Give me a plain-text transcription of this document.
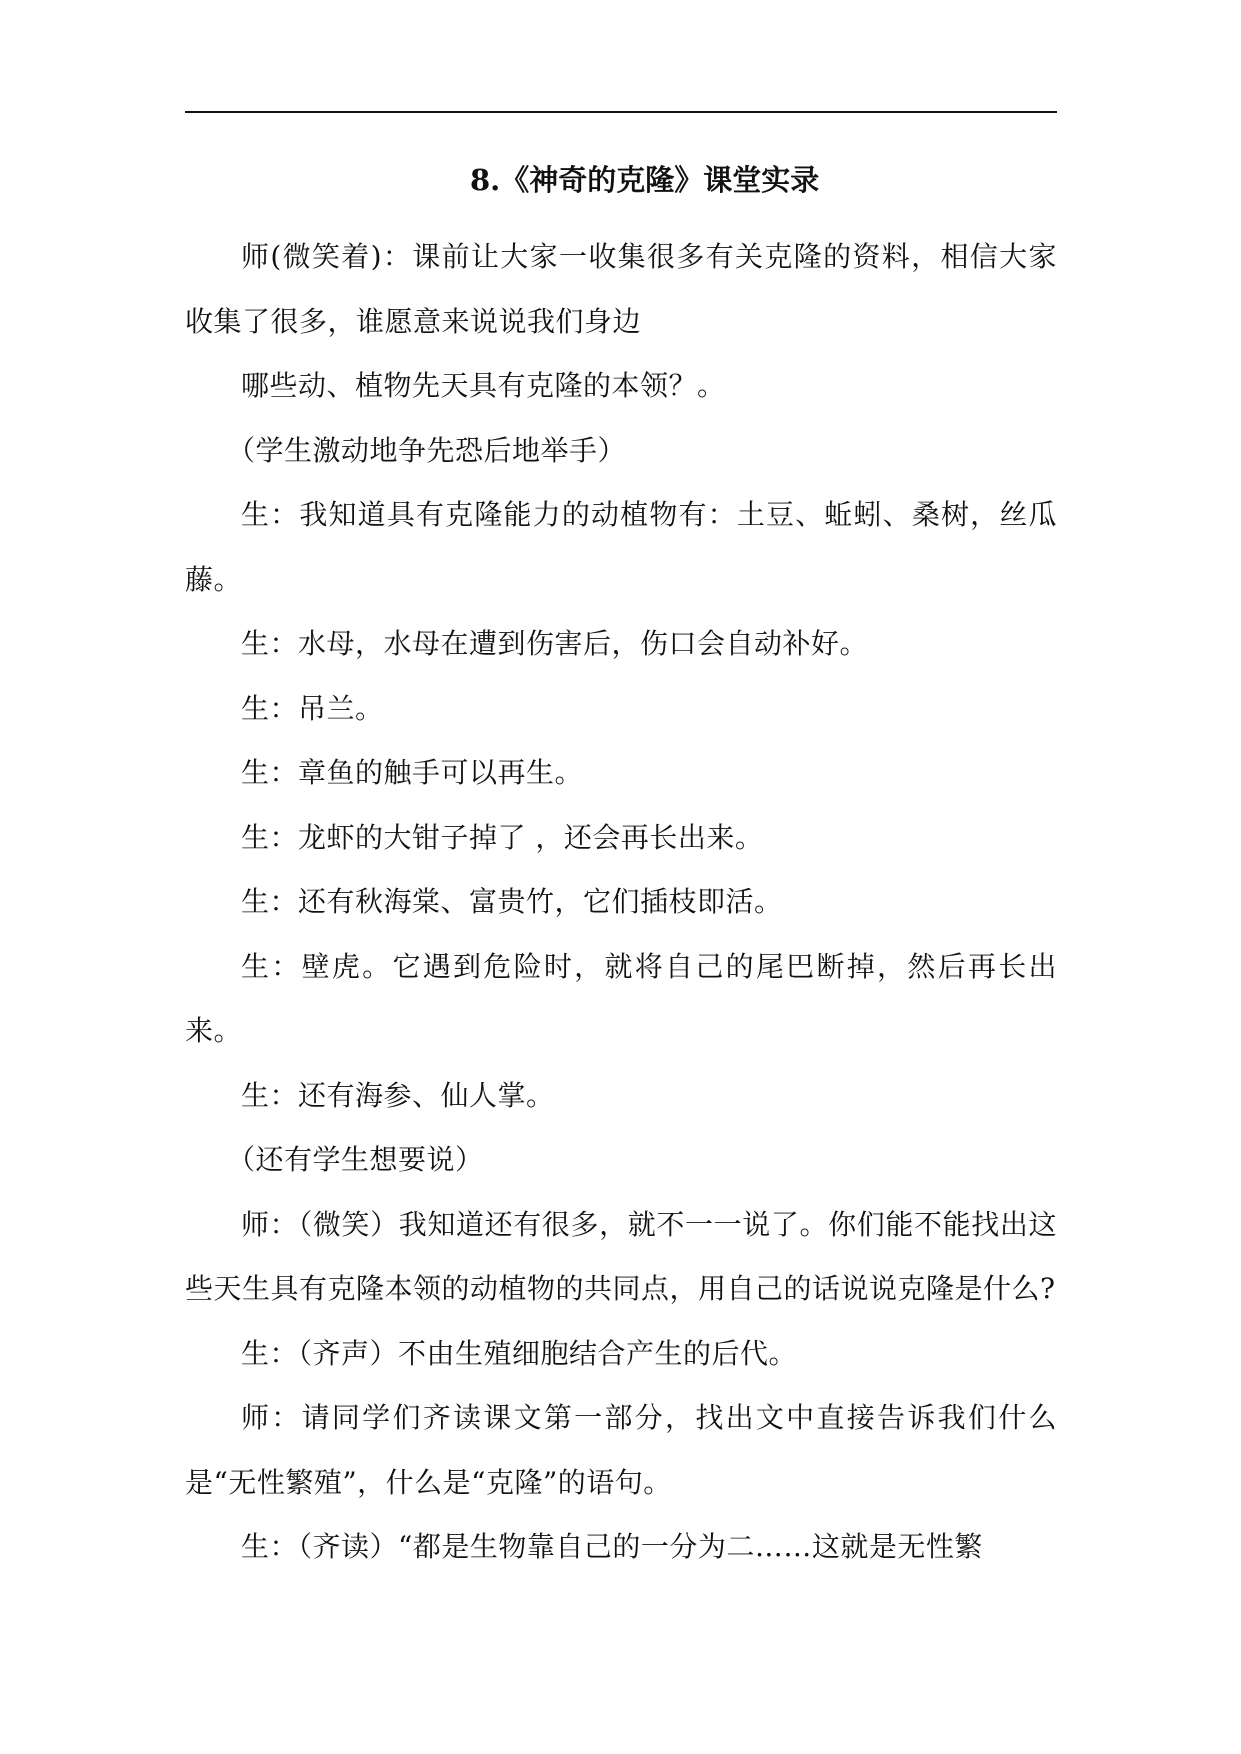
8.《神奇的克隆》课堂实录

师(微笑着)：课前让大家一收集很多有关克隆的资料，相信大家收集了很多，谁愿意来说说我们身边

哪些动、植物先天具有克隆的本领？。

（学生激动地争先恐后地举手）

生：我知道具有克隆能力的动植物有：土豆、蚯蚓、桑树，丝瓜藤。

生：水母，水母在遭到伤害后，伤口会自动补好。

生：吊兰。

生：章鱼的触手可以再生。

生：龙虾的大钳子掉了 ，还会再长出来。

生：还有秋海棠、富贵竹，它们插枝即活。

生：壁虎。它遇到危险时，就将自己的尾巴断掉，然后再长出来。

生：还有海参、仙人掌。

（还有学生想要说）

师：（微笑）我知道还有很多，就不一一说了。你们能不能找出这些天生具有克隆本领的动植物的共同点，用自己的话说说克隆是什么?

生：（齐声）不由生殖细胞结合产生的后代。

师：请同学们齐读课文第一部分，找出文中直接告诉我们什么是“无性繁殖”，什么是“克隆”的语句。

生：（齐读）“都是生物靠自己的一分为二……这就是无性繁
